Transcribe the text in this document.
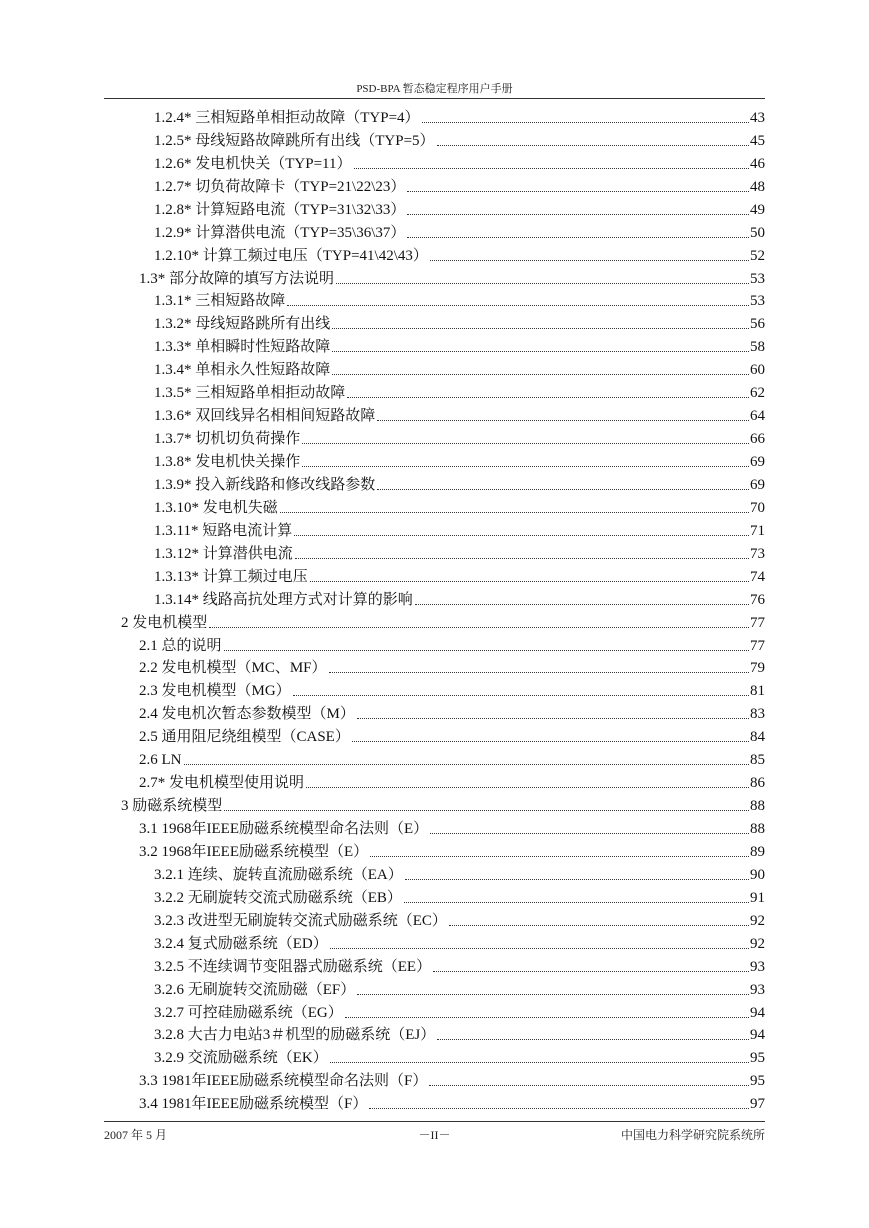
PSD-BPA 暂态稳定程序用户手册
1.2.4* 三相短路单相拒动故障（TYP=4）	43
1.2.5* 母线短路故障跳所有出线（TYP=5）	45
1.2.6* 发电机快关（TYP=11）	46
1.2.7* 切负荷故障卡（TYP=21\22\23）	48
1.2.8* 计算短路电流（TYP=31\32\33）	49
1.2.9* 计算潜供电流（TYP=35\36\37）	50
1.2.10* 计算工频过电压（TYP=41\42\43）	52
1.3* 部分故障的填写方法说明	53
1.3.1* 三相短路故障	53
1.3.2* 母线短路跳所有出线	56
1.3.3* 单相瞬时性短路故障	58
1.3.4* 单相永久性短路故障	60
1.3.5* 三相短路单相拒动故障	62
1.3.6* 双回线异名相相间短路故障	64
1.3.7* 切机切负荷操作	66
1.3.8* 发电机快关操作	69
1.3.9* 投入新线路和修改线路参数	69
1.3.10* 发电机失磁	70
1.3.11* 短路电流计算	71
1.3.12* 计算潜供电流	73
1.3.13* 计算工频过电压	74
1.3.14* 线路高抗处理方式对计算的影响	76
2 发电机模型	77
2.1 总的说明	77
2.2 发电机模型（MC、MF）	79
2.3 发电机模型（MG）	81
2.4 发电机次暂态参数模型（M）	83
2.5 通用阻尼绕组模型（CASE）	84
2.6 LN	85
2.7* 发电机模型使用说明	86
3 励磁系统模型	88
3.1 1968年IEEE励磁系统模型命名法则（E）	88
3.2 1968年IEEE励磁系统模型（E）	89
3.2.1 连续、旋转直流励磁系统（EA）	90
3.2.2 无刷旋转交流式励磁系统（EB）	91
3.2.3 改进型无刷旋转交流式励磁系统（EC）	92
3.2.4 复式励磁系统（ED）	92
3.2.5 不连续调节变阻器式励磁系统（EE）	93
3.2.6 无刷旋转交流励磁（EF）	93
3.2.7 可控硅励磁系统（EG）	94
3.2.8 大古力电站3＃机型的励磁系统（EJ）	94
3.2.9 交流励磁系统（EK）	95
3.3 1981年IEEE励磁系统模型命名法则（F）	95
3.4 1981年IEEE励磁系统模型（F）	97
2007 年 5 月	－II－	中国电力科学研究院系统所
